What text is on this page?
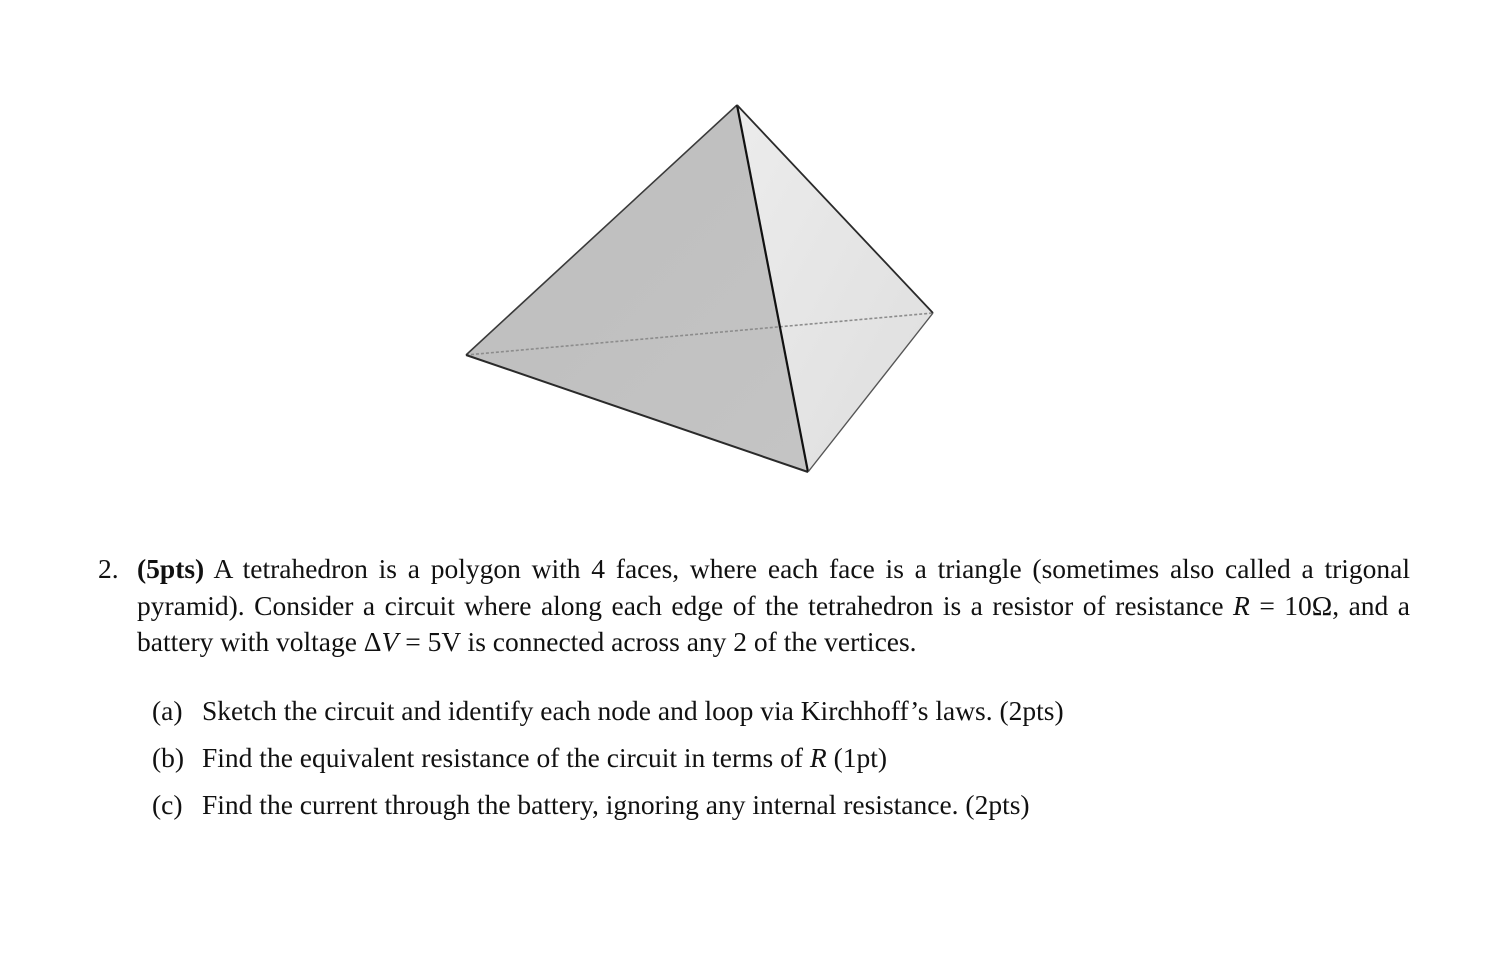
2. (5pts) A tetrahedron is a polygon with 4 faces, where each face is a triangle (sometimes also called a trigonal pyramid). Consider a circuit where along each edge of the tetrahedron is a resistor of resistance R = 10Ω, and a battery with voltage ΔV = 5V is connected across any 2 of the vertices.
(a) Sketch the circuit and identify each node and loop via Kirchhoff’s laws. (2pts)
(b) Find the equivalent resistance of the circuit in terms of R (1pt)
(c) Find the current through the battery, ignoring any internal resistance. (2pts)
